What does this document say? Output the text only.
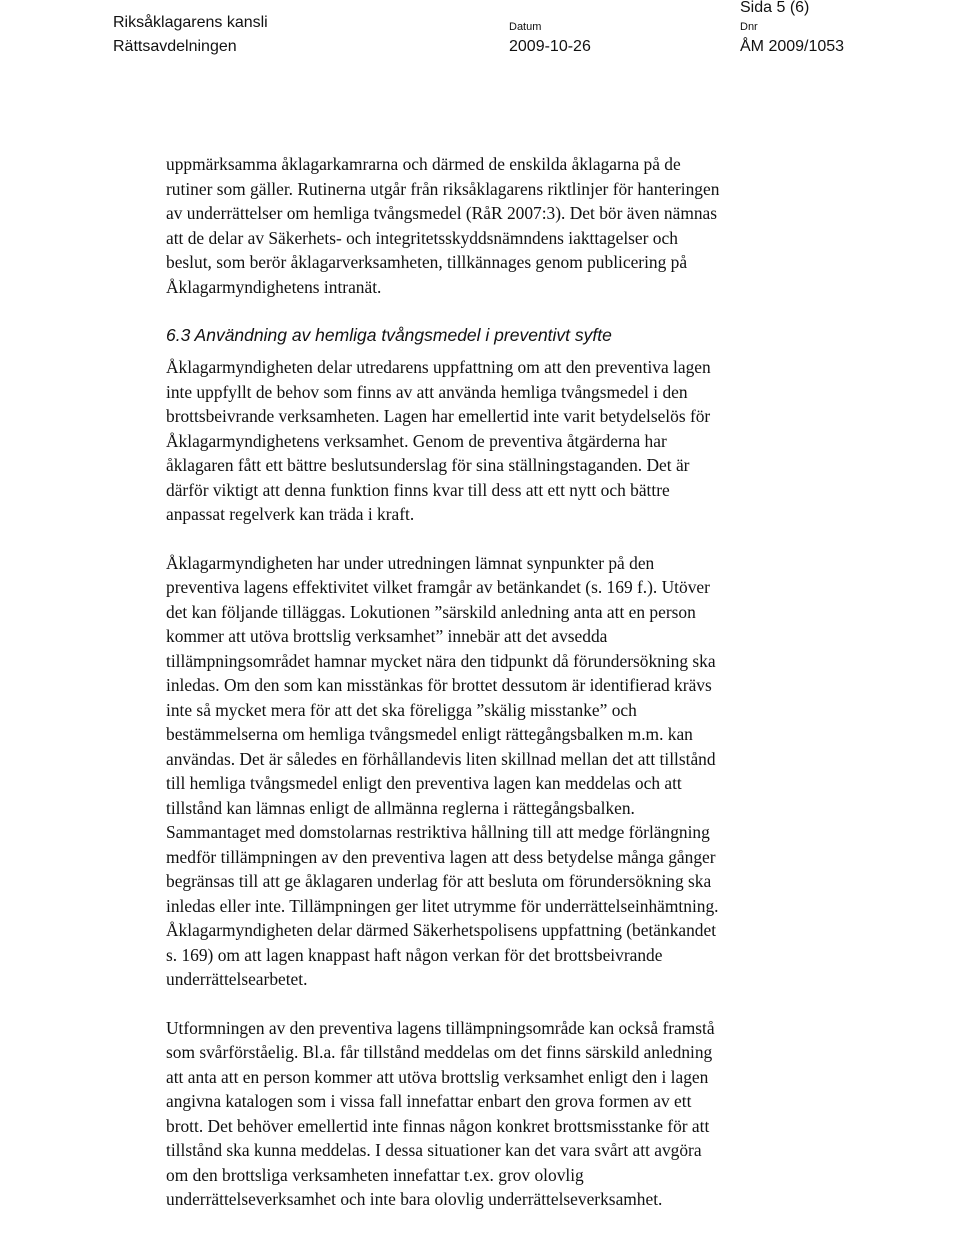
Riksåklagarens kansli
Rättsavdelningen
Datum
2009-10-26
Dnr
ÅM 2009/1053
Sida 5 (6)

uppmärksamma åklagarkamrarna och därmed de enskilda åklagarna på de
rutiner som gäller. Rutinerna utgår från riksåklagarens riktlinjer för hanteringen
av underrättelser om hemliga tvångsmedel (RåR 2007:3). Det bör även nämnas
att de delar av Säkerhets- och integritetsskyddsnämndens iakttagelser och
beslut, som berör åklagarverksamheten, tillkännages genom publicering på
Åklagarmyndighetens intranät.

6.3 Användning av hemliga tvångsmedel i preventivt syfte

Åklagarmyndigheten delar utredarens uppfattning om att den preventiva lagen
inte uppfyllt de behov som finns av att använda hemliga tvångsmedel i den
brottsbeivrande verksamheten. Lagen har emellertid inte varit betydelselös för
Åklagarmyndighetens verksamhet. Genom de preventiva åtgärderna har
åklagaren fått ett bättre beslutsunderslag för sina ställningstaganden. Det är
därför viktigt att denna funktion finns kvar till dess att ett nytt och bättre
anpassat regelverk kan träda i kraft.

Åklagarmyndigheten har under utredningen lämnat synpunkter på den
preventiva lagens effektivitet vilket framgår av betänkandet (s. 169 f.). Utöver
det kan följande tilläggas. Lokutionen ”särskild anledning anta att en person
kommer att utöva brottslig verksamhet” innebär att det avsedda
tillämpningsområdet hamnar mycket nära den tidpunkt då förundersökning ska
inledas. Om den som kan misstänkas för brottet dessutom är identifierad krävs
inte så mycket mera för att det ska föreligga ”skälig misstanke” och
bestämmelserna om hemliga tvångsmedel enligt rättegångsbalken m.m. kan
användas. Det är således en förhållandevis liten skillnad mellan det att tillstånd
till hemliga tvångsmedel enligt den preventiva lagen kan meddelas och att
tillstånd kan lämnas enligt de allmänna reglerna i rättegångsbalken.
Sammantaget med domstolarnas restriktiva hållning till att medge förlängning
medför tillämpningen av den preventiva lagen att dess betydelse många gånger
begränsas till att ge åklagaren underlag för att besluta om förundersökning ska
inledas eller inte. Tillämpningen ger litet utrymme för underrättelseinhämtning.
Åklagarmyndigheten delar därmed Säkerhetspolisens uppfattning (betänkandet
s. 169) om att lagen knappast haft någon verkan för det brottsbeivrande
underrättelsearbetet.

Utformningen av den preventiva lagens tillämpningsområde kan också framstå
som svårförståelig. Bl.a. får tillstånd meddelas om det finns särskild anledning
att anta att en person kommer att utöva brottslig verksamhet enligt den i lagen
angivna katalogen som i vissa fall innefattar enbart den grova formen av ett
brott. Det behöver emellertid inte finnas någon konkret brottsmisstanke för att
tillstånd ska kunna meddelas. I dessa situationer kan det vara svårt att avgöra
om den brottsliga verksamheten innefattar t.ex. grov olovlig
underrättelseverksamhet och inte bara olovlig underrättelseverksamhet.
